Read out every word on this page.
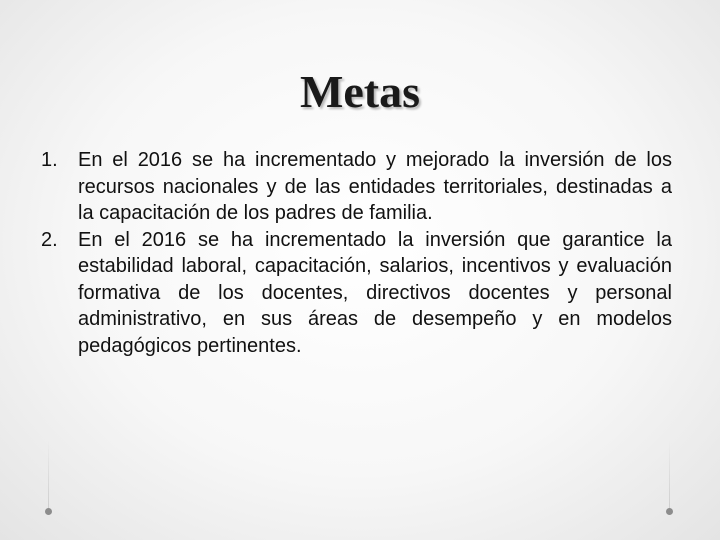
Metas
1. En el 2016 se ha incrementado y mejorado la inversión de los recursos nacionales y de las entidades territoriales, destinadas a la capacitación de los padres de familia.
2. En el 2016 se ha incrementado la inversión que garantice la estabilidad laboral, capacitación, salarios, incentivos y evaluación formativa de los docentes, directivos docentes y personal administrativo, en sus áreas de desempeño y en modelos pedagógicos pertinentes.
